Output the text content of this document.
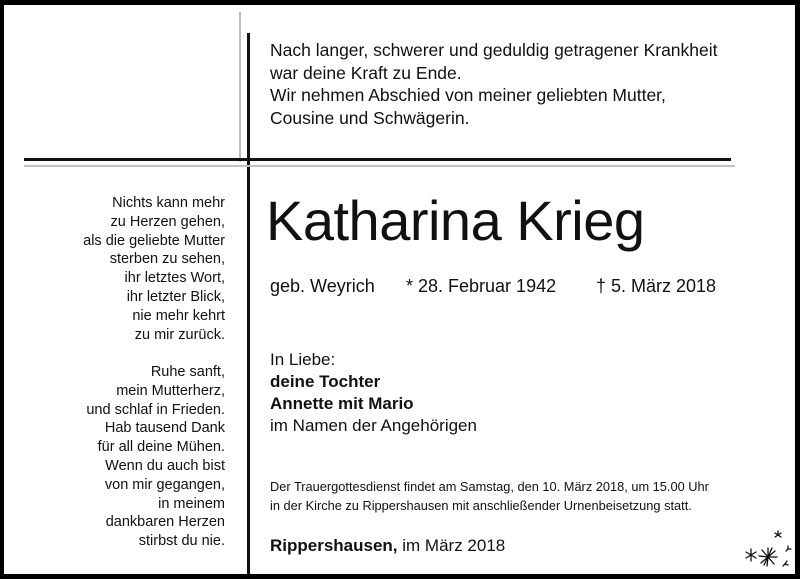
Nach langer, schwerer und geduldig getragener Krankheit
war deine Kraft zu Ende.
Wir nehmen Abschied von meiner geliebten Mutter,
Cousine und Schwägerin.
Nichts kann mehr
zu Herzen gehen,
als die geliebte Mutter
sterben zu sehen,
ihr letztes Wort,
ihr letzter Blick,
nie mehr kehrt
zu mir zurück.
Ruhe sanft,
mein Mutterherz,
und schlaf in Frieden.
Hab tausend Dank
für all deine Mühen.
Wenn du auch bist
von mir gegangen,
in meinem
dankbaren Herzen
stirbst du nie.
Katharina Krieg
geb. Weyrich * 28. Februar 1942 † 5. März 2018
In Liebe:
deine Tochter
Annette mit Mario
im Namen der Angehörigen
Der Trauergottesdienst findet am Samstag, den 10. März 2018, um 15.00 Uhr
in der Kirche zu Rippershausen mit anschließender Urnenbeisetzung statt.
Rippershausen, im März 2018
